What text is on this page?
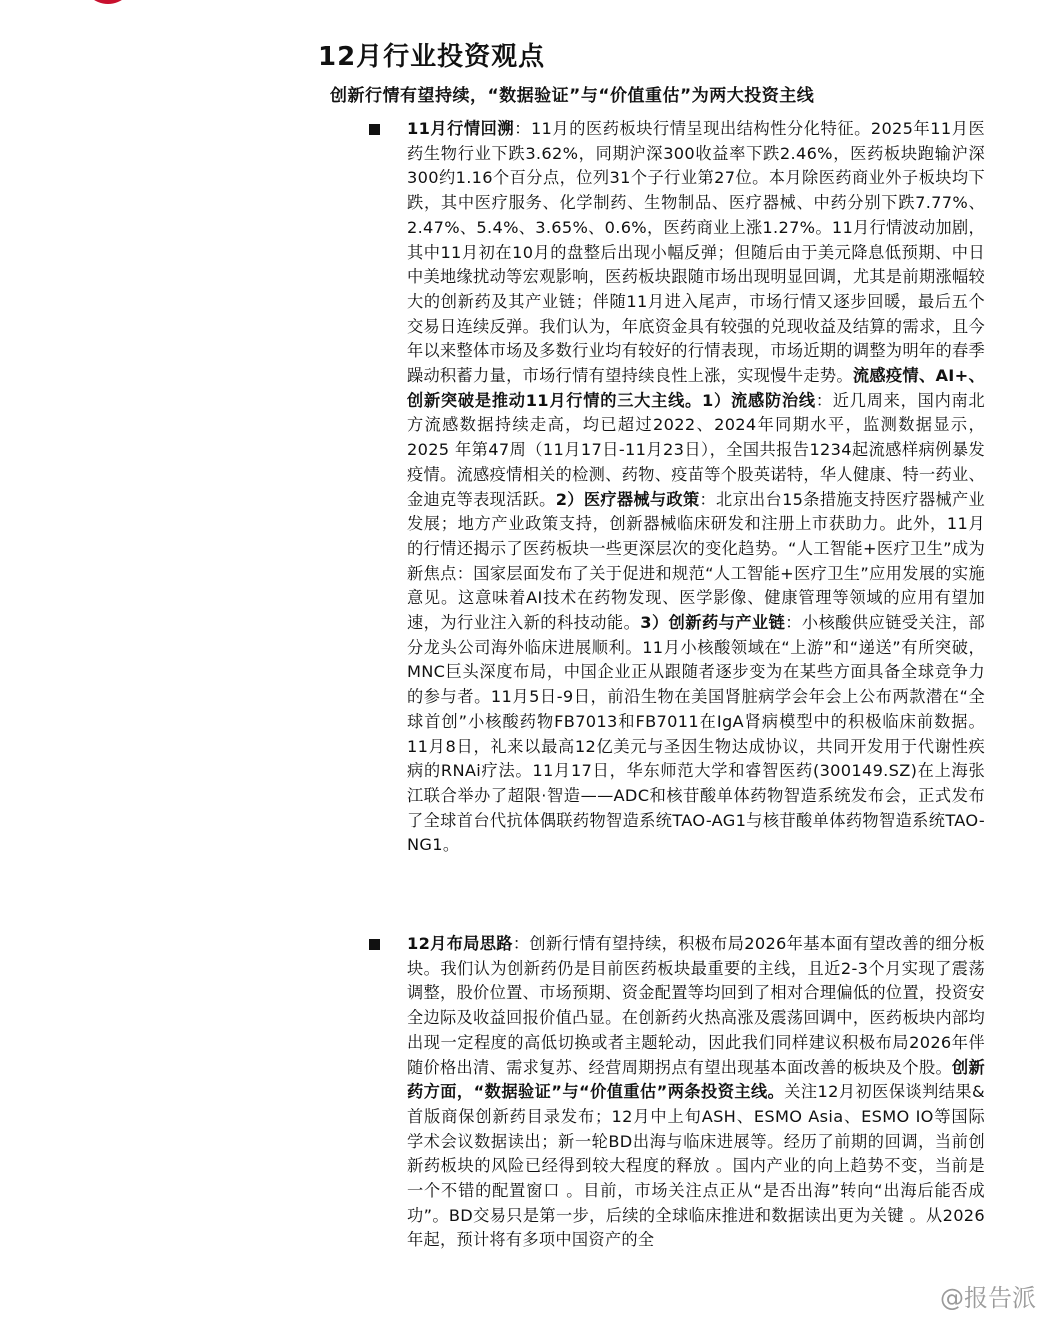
12月行业投资观点
创新行情有望持续，“数据验证”与“价值重估”为两大投资主线
11月行情回溯：11月的医药板块行情呈现出结构性分化特征。2025年11月医药生物行业下跌3.62%，同期沪深300收益率下跌2.46%，医药板块跑输沪深300约1.16个百分点，位列31个子行业第27位。本月除医药商业外子板块均下跌，其中医疗服务、化学制药、生物制品、医疗器械、中药分别下跌7.77%、2.47%、5.4%、3.65%、0.6%，医药商业上涨1.27%。11月行情波动加剧，其中11月初在10月的盘整后出现小幅反弹；但随后由于美元降息低预期、中日中美地缘扰动等宏观影响，医药板块跟随市场出现明显回调，尤其是前期涨幅较大的创新药及其产业链；伴随11月进入尾声，市场行情又逐步回暖，最后五个交易日连续反弹。我们认为，年底资金具有较强的兑现收益及结算的需求，且今年以来整体市场及多数行业均有较好的行情表现，市场近期的调整为明年的春季躁动积蓄力量，市场行情有望持续良性上涨，实现慢牛走势。流感疫情、AI+、创新突破是推动11月行情的三大主线。1）流感防治线：近几周来，国内南北方流感数据持续走高，均已超过2022、2024年同期水平，监测数据显示，2025 年第47周（11月17日-11月23日），全国共报告1234起流感样病例暴发疫情。流感疫情相关的检测、药物、疫苗等个股英诺特，华人健康、特一药业、金迪克等表现活跃。2）医疗器械与政策：北京出台15条措施支持医疗器械产业发展；地方产业政策支持，创新器械临床研发和注册上市获助力。此外，11月的行情还揭示了医药板块一些更深层次的变化趋势。“人工智能+医疗卫生”成为新焦点：国家层面发布了关于促进和规范“人工智能+医疗卫生”应用发展的实施意见。这意味着AI技术在药物发现、医学影像、健康管理等领域的应用有望加速，为行业注入新的科技动能。3）创新药与产业链：小核酸供应链受关注，部分龙头公司海外临床进展顺利。11月小核酸领域在“上游”和“递送”有所突破，MNC巨头深度布局，中国企业正从跟随者逐步变为在某些方面具备全球竞争力的参与者。11月5日-9日，前沿生物在美国肾脏病学会年会上公布两款潜在“全球首创”小核酸药物FB7013和FB7011在IgA肾病模型中的积极临床前数据。11月8日，礼来以最高12亿美元与圣因生物达成协议，共同开发用于代谢性疾病的RNAi疗法。11月17日，华东师范大学和睿智医药(300149.SZ)在上海张江联合举办了超限·智造——ADC和核苷酸单体药物智造系统发布会，正式发布了全球首台代抗体偶联药物智造系统TAO-AG1与核苷酸单体药物智造系统TAO-NG1。
12月布局思路：创新行情有望持续，积极布局2026年基本面有望改善的细分板块。我们认为创新药仍是目前医药板块最重要的主线，且近2-3个月实现了震荡调整，股价位置、市场预期、资金配置等均回到了相对合理偏低的位置，投资安全边际及收益回报价值凸显。在创新药火热高涨及震荡回调中，医药板块内部均出现一定程度的高低切换或者主题轮动，因此我们同样建议积极布局2026年伴随价格出清、需求复苏、经营周期拐点有望出现基本面改善的板块及个股。创新药方面，“数据验证”与“价值重估”两条投资主线。关注12月初医保谈判结果&首版商保创新药目录发布；12月中上旬ASH、ESMO Asia、ESMO IO等国际学术会议数据读出；新一轮BD出海与临床进展等。经历了前期的回调，当前创新药板块的风险已经得到较大程度的释放 。国内产业的向上趋势不变，当前是一个不错的配置窗口 。目前，市场关注点正从“是否出海”转向“出海后能否成功”。BD交易只是第一步，后续的全球临床推进和数据读出更为关键 。从2026年起，预计将有多项中国资产的全
@报告派
